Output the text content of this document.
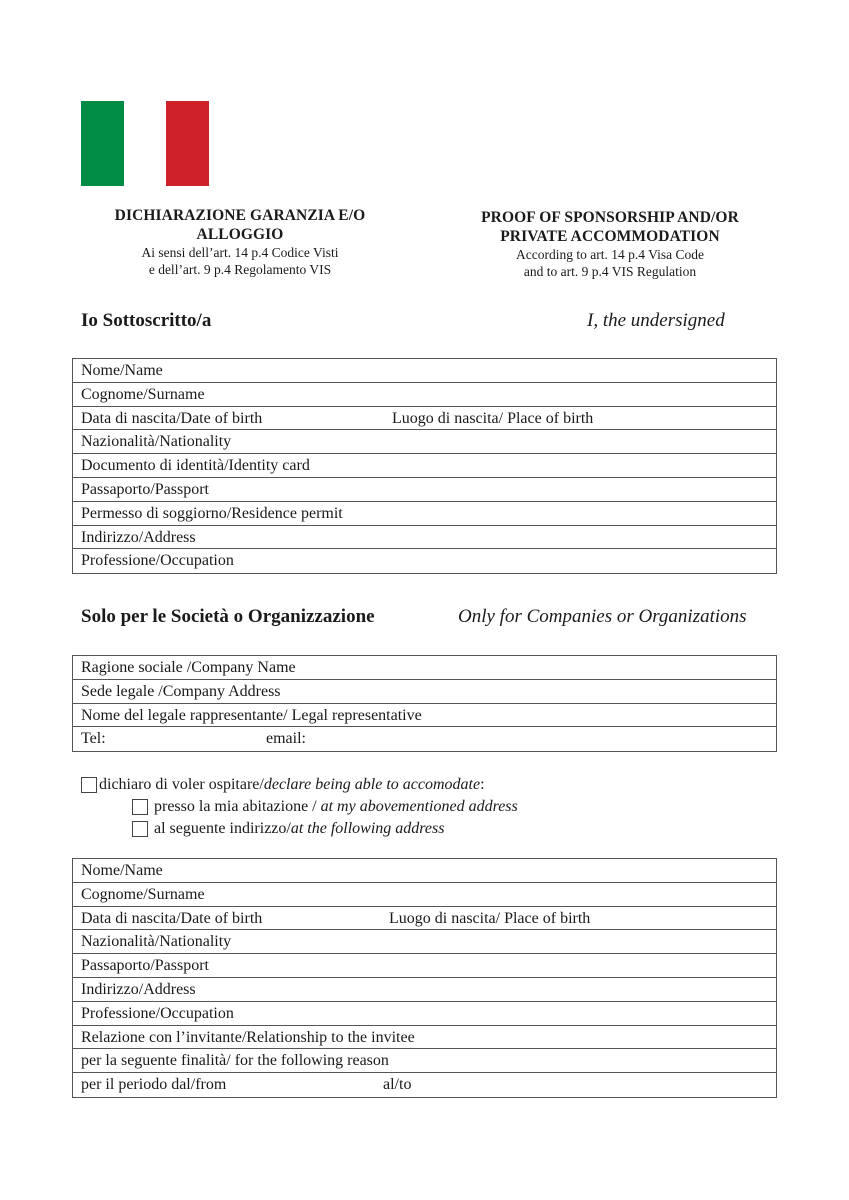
DICHIARAZIONE GARANZIA E/O
ALLOGGIO
Ai sensi dell’art. 14 p.4 Codice Visti
e dell’art. 9 p.4 Regolamento VIS
PROOF OF SPONSORSHIP AND/OR
PRIVATE ACCOMMODATION
According to art. 14 p.4 Visa Code
and to art. 9 p.4 VIS Regulation
Io Sottoscritto/a	I, the undersigned
Nome/Name
Cognome/Surname
Data di nascita/Date of birth	Luogo di nascita/ Place of birth
Nazionalità/Nationality
Documento di identità/Identity card
Passaporto/Passport
Permesso di soggiorno/Residence permit
Indirizzo/Address
Professione/Occupation
Solo per le Società o Organizzazione	Only for Companies or Organizations
Ragione sociale /Company Name
Sede legale /Company Address
Nome del legale rappresentante/ Legal representative
Tel:	email:
dichiaro di voler ospitare/ declare being able to accomodate :
presso la mia abitazione / at my abovementioned address
al seguente indirizzo/ at the following address
Nome/Name
Cognome/Surname
Data di nascita/Date of birth	Luogo di nascita/ Place of birth
Nazionalità/Nationality
Passaporto/Passport
Indirizzo/Address
Professione/Occupation
Relazione con l’invitante/Relationship to the invitee
per la seguente finalità/ for the following reason
per il periodo dal/from	al/to
